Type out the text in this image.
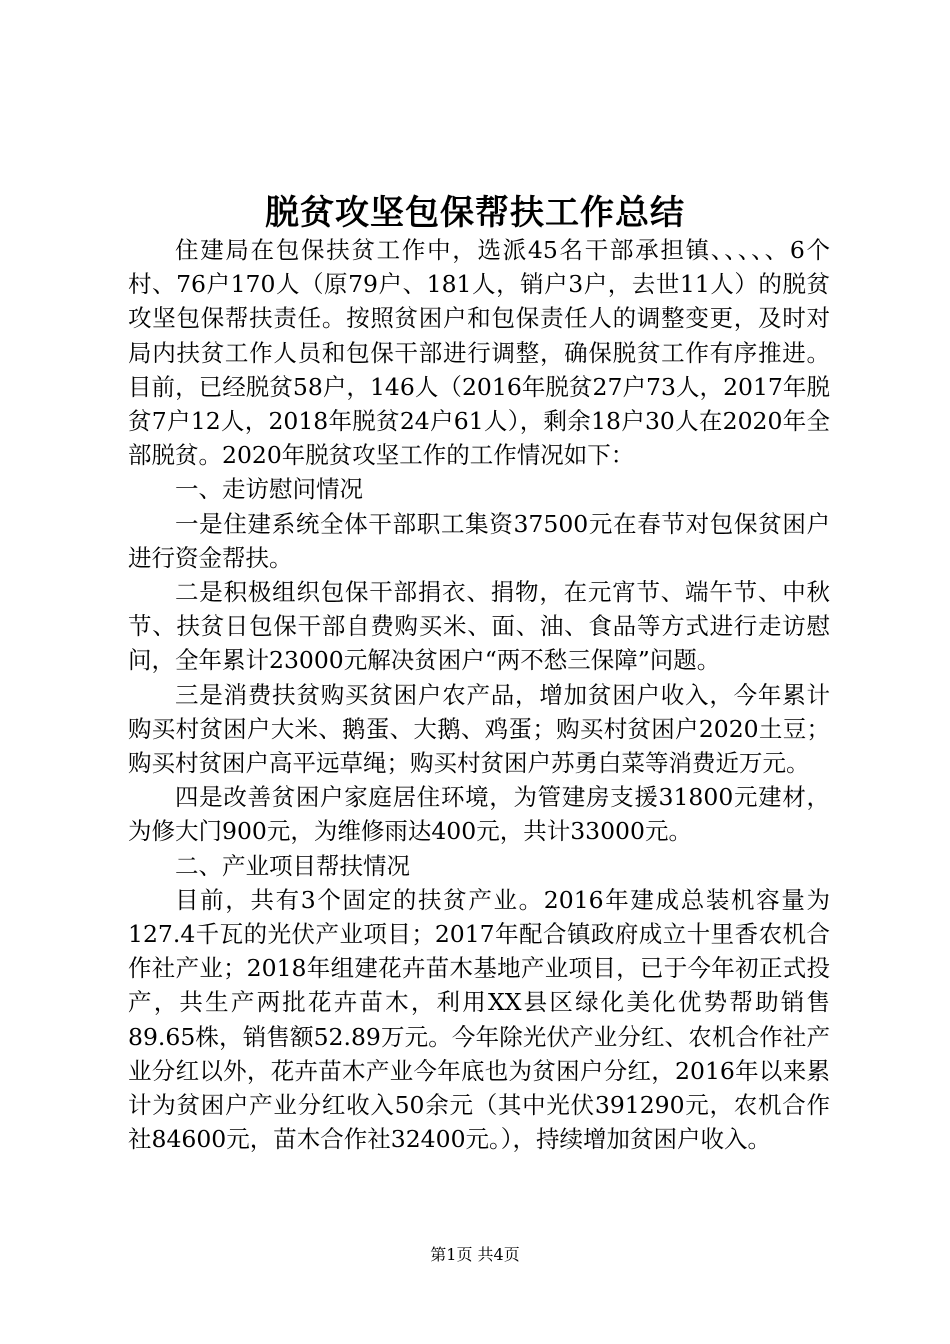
脱贫攻坚包保帮扶工作总结

住建局在包保扶贫工作中，选派45名干部承担镇、、、、、6个村、76户170人（原79户、181人，销户3户，去世11人）的脱贫攻坚包保帮扶责任。按照贫困户和包保责任人的调整变更，及时对局内扶贫工作人员和包保干部进行调整，确保脱贫工作有序推进。目前，已经脱贫58户，146人（2016年脱贫27户73人，2017年脱贫7户12人，2018年脱贫24户61人），剩余18户30人在2020年全部脱贫。2020年脱贫攻坚工作的工作情况如下：

一、走访慰问情况

一是住建系统全体干部职工集资37500元在春节对包保贫困户进行资金帮扶。

二是积极组织包保干部捐衣、捐物，在元宵节、端午节、中秋节、扶贫日包保干部自费购买米、面、油、食品等方式进行走访慰问，全年累计23000元解决贫困户“两不愁三保障”问题。

三是消费扶贫购买贫困户农产品，增加贫困户收入，今年累计购买村贫困户大米、鹅蛋、大鹅、鸡蛋；购买村贫困户2020土豆；购买村贫困户高平远草绳；购买村贫困户苏勇白菜等消费近万元。

四是改善贫困户家庭居住环境，为管建房支援31800元建材，为修大门900元，为维修雨达400元，共计33000元。

二、产业项目帮扶情况

目前，共有3个固定的扶贫产业。2016年建成总装机容量为127.4千瓦的光伏产业项目；2017年配合镇政府成立十里香农机合作社产业；2018年组建花卉苗木基地产业项目，已于今年初正式投产，共生产两批花卉苗木，利用XX县区绿化美化优势帮助销售89.65株，销售额52.89万元。今年除光伏产业分红、农机合作社产业分红以外，花卉苗木产业今年底也为贫困户分红，2016年以来累计为贫困户产业分红收入50余元（其中光伏391290元，农机合作社84600元，苗木合作社32400元。），持续增加贫困户收入。

第1页 共4页
